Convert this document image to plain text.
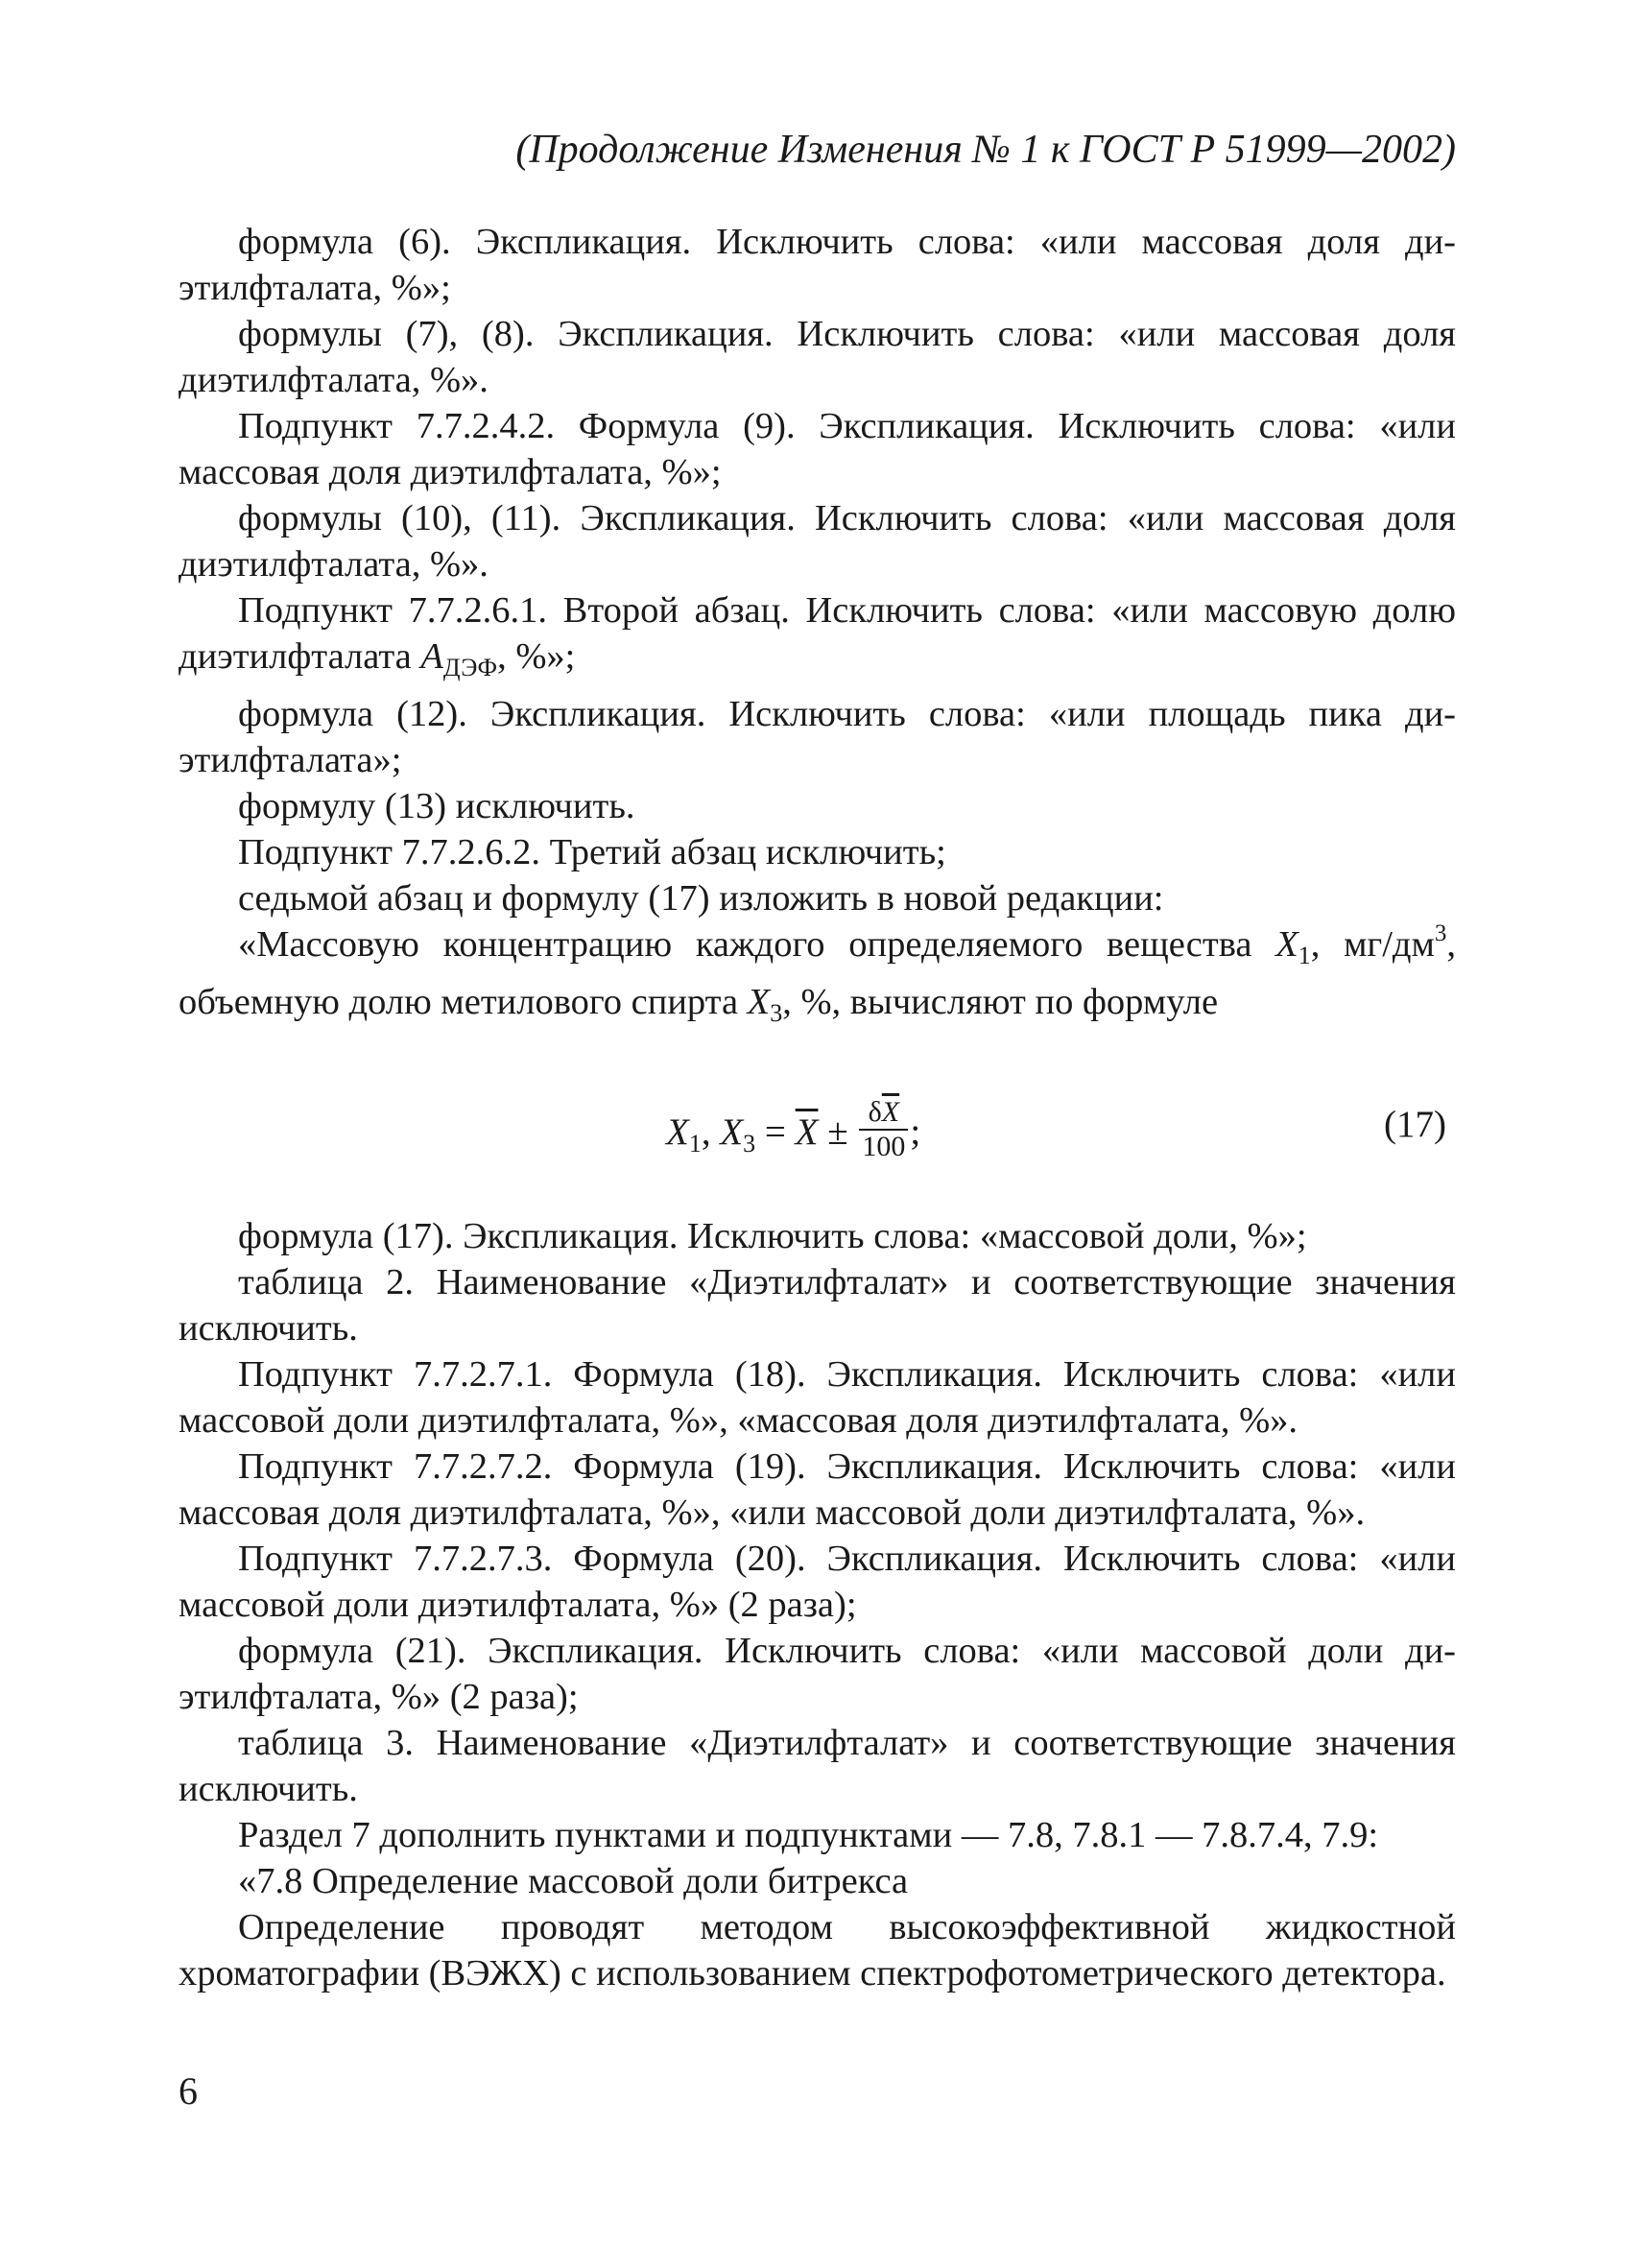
(Продолжение Изменения № 1 к ГОСТ Р 51999—2002)

формула (6). Экспликация. Исключить слова: «или массовая доля ди-этилфталата, %»;

формулы (7), (8). Экспликация. Исключить слова: «или массовая доля диэтилфталата, %».

Подпункт 7.7.2.4.2. Формула (9). Экспликация. Исключить слова: «или массовая доля диэтилфталата, %»;

формулы (10), (11). Экспликация. Исключить слова: «или массовая доля диэтилфталата, %».

Подпункт 7.7.2.6.1. Второй абзац. Исключить слова: «или массовую долю диэтилфталата $А_{ДЭФ}$, %»;

формула (12). Экспликация. Исключить слова: «или площадь пика ди-этилфталата»;

формулу (13) исключить.

Подпункт 7.7.2.6.2. Третий абзац исключить;

седьмой абзац и формулу (17) изложить в новой редакции:

«Массовую концентрацию каждого определяемого вещества $X_1$, $мг/дм^3$, объемную долю метилового спирта $X_3$, %, вычисляют по формуле

$X_1$, $X_3 = \overline{X} \pm \frac{\delta\overline{X}}{100}$ ;	(17)

формула (17). Экспликация. Исключить слова: «массовой доли, %»;

таблица 2. Наименование «Диэтилфталат» и соответствующие значения исключить.

Подпункт 7.7.2.7.1. Формула (18). Экспликация. Исключить слова: «или массовой доли диэтилфталата, %», «массовая доля диэтилфталата, %».

Подпункт 7.7.2.7.2. Формула (19). Экспликация. Исключить слова: «или массовая доля диэтилфталата, %», «или массовой доли диэтилфталата, %».

Подпункт 7.7.2.7.3. Формула (20). Экспликация. Исключить слова: «или массовой доли диэтилфталата, %» (2 раза);

формула (21). Экспликация. Исключить слова: «или массовой доли ди-этилфталата, %» (2 раза);

таблица 3. Наименование «Диэтилфталат» и соответствующие значения исключить.

Раздел 7 дополнить пунктами и подпунктами — 7.8, 7.8.1 — 7.8.7.4, 7.9:

«7.8 Определение массовой доли битрекса

Определение проводят методом высокоэффективной жидкостной хроматографии (ВЭЖХ) с использованием спектрофотометрического детектора.

6
